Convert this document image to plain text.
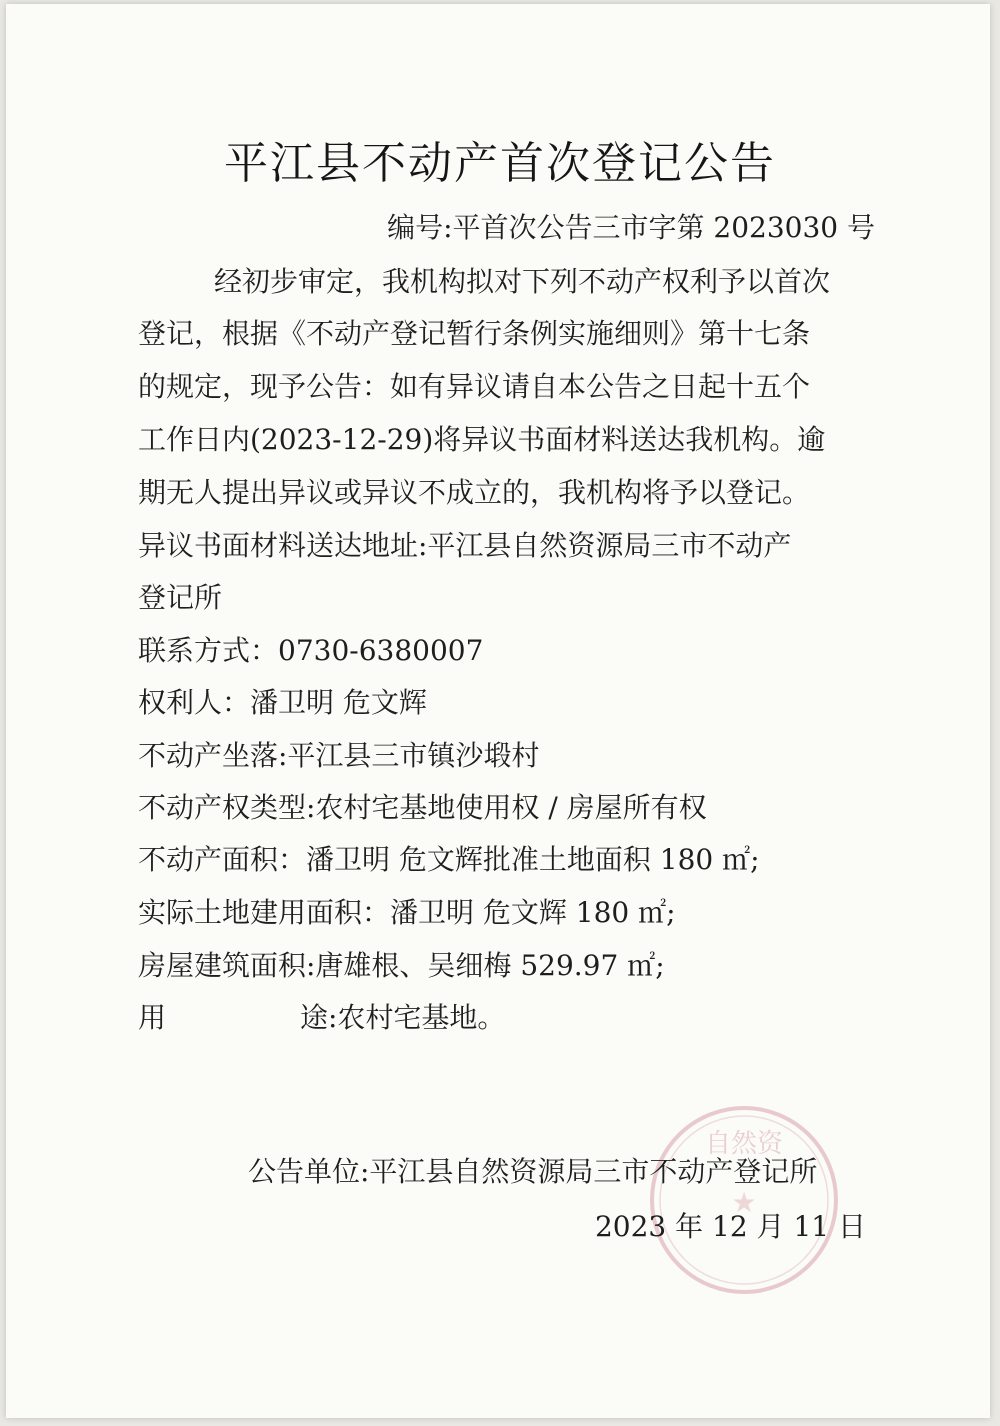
平江县不动产首次登记公告
编号:平首次公告三市字第 2023030 号
经初步审定，我机构拟对下列不动产权利予以首次
登记，根据《不动产登记暂行条例实施细则》第十七条
的规定，现予公告：如有异议请自本公告之日起十五个
工作日内(2023-12-29)将异议书面材料送达我机构。逾
期无人提出异议或异议不成立的，我机构将予以登记。
异议书面材料送达地址:平江县自然资源局三市不动产
登记所
联系方式：0730-6380007
权利人：潘卫明 危文辉
不动产坐落:平江县三市镇沙塅村
不动产权类型:农村宅基地使用权 / 房屋所有权
不动产面积：潘卫明 危文辉批准土地面积 180 ㎡;
实际土地建用面积：潘卫明 危文辉 180 ㎡;
房屋建筑面积:唐雄根、吴细梅 529.97 ㎡;
用	途:农村宅基地。
自然资
★
公告单位:平江县自然资源局三市不动产登记所
2023 年 12 月 11 日
